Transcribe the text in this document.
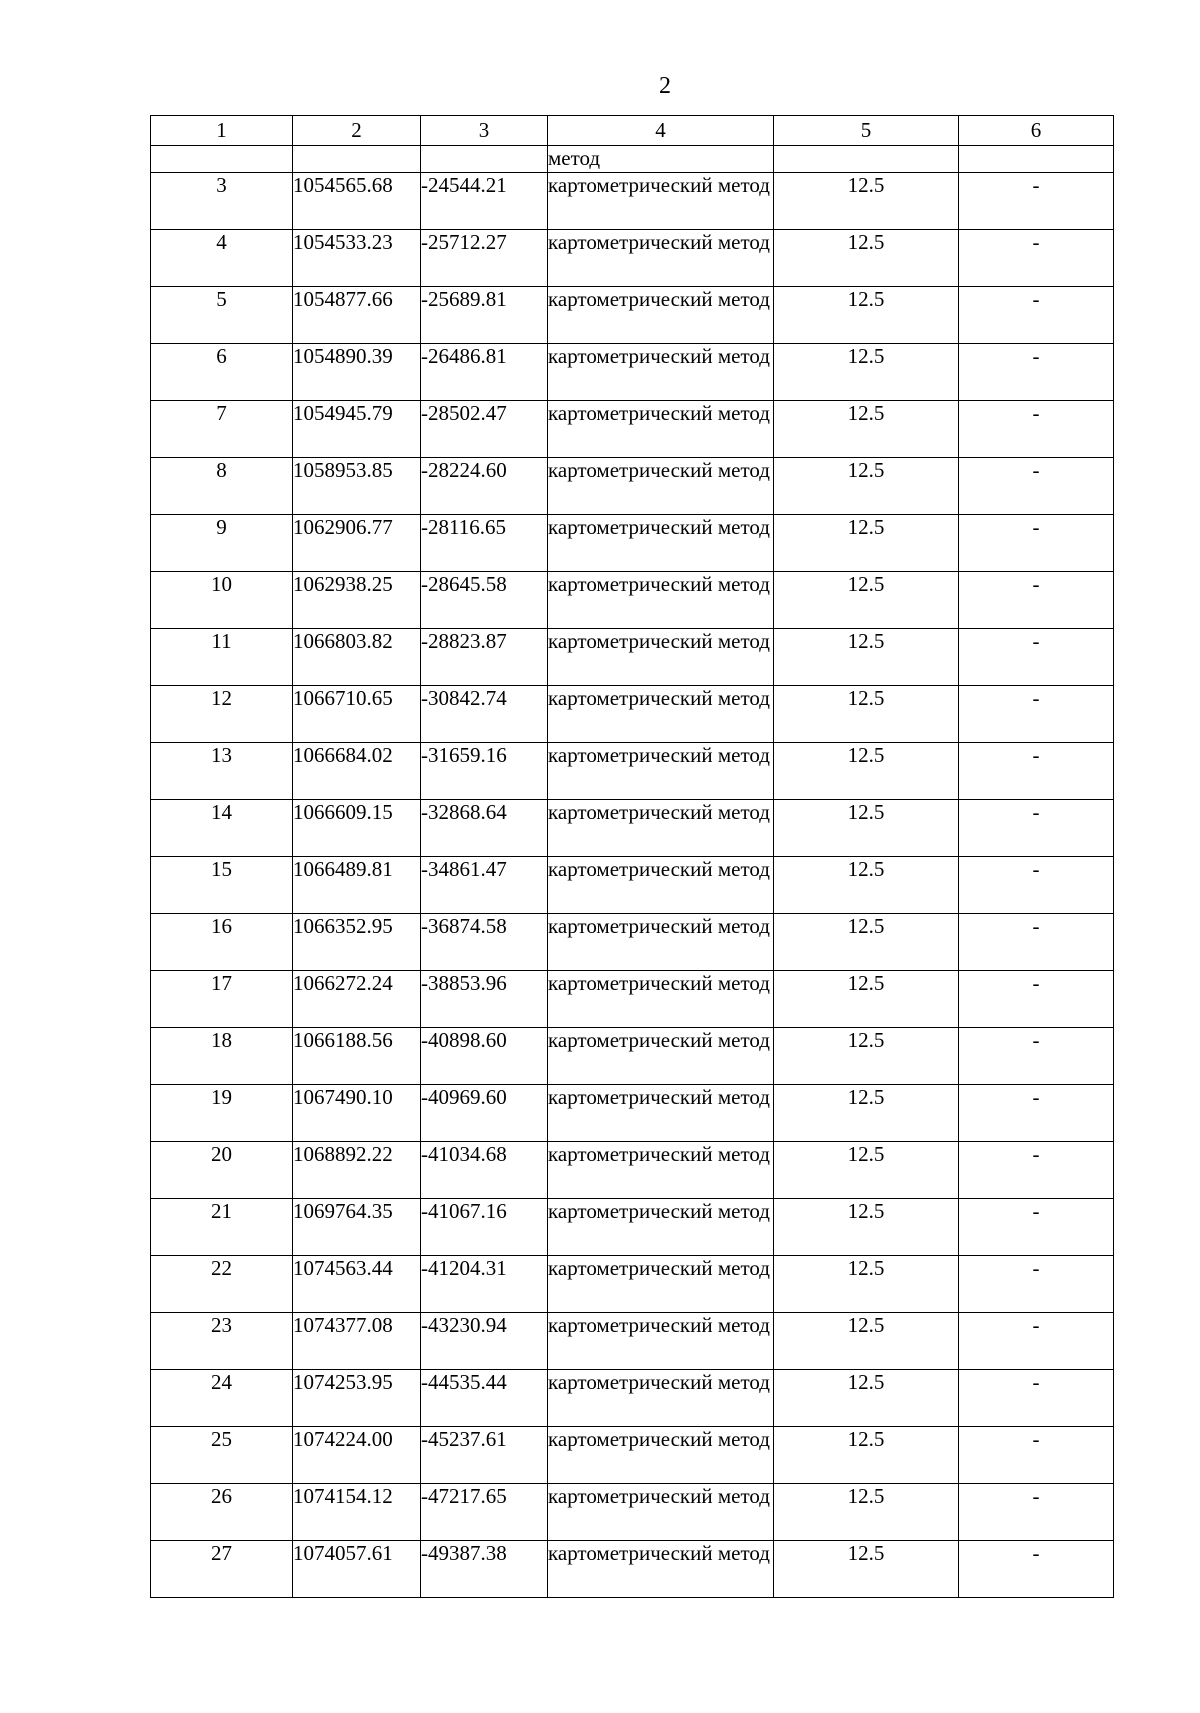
2
1	2	3	4	5	6
			метод		
3	1054565.68	-24544.21	картометрический метод	12.5	-
4	1054533.23	-25712.27	картометрический метод	12.5	-
5	1054877.66	-25689.81	картометрический метод	12.5	-
6	1054890.39	-26486.81	картометрический метод	12.5	-
7	1054945.79	-28502.47	картометрический метод	12.5	-
8	1058953.85	-28224.60	картометрический метод	12.5	-
9	1062906.77	-28116.65	картометрический метод	12.5	-
10	1062938.25	-28645.58	картометрический метод	12.5	-
11	1066803.82	-28823.87	картометрический метод	12.5	-
12	1066710.65	-30842.74	картометрический метод	12.5	-
13	1066684.02	-31659.16	картометрический метод	12.5	-
14	1066609.15	-32868.64	картометрический метод	12.5	-
15	1066489.81	-34861.47	картометрический метод	12.5	-
16	1066352.95	-36874.58	картометрический метод	12.5	-
17	1066272.24	-38853.96	картометрический метод	12.5	-
18	1066188.56	-40898.60	картометрический метод	12.5	-
19	1067490.10	-40969.60	картометрический метод	12.5	-
20	1068892.22	-41034.68	картометрический метод	12.5	-
21	1069764.35	-41067.16	картометрический метод	12.5	-
22	1074563.44	-41204.31	картометрический метод	12.5	-
23	1074377.08	-43230.94	картометрический метод	12.5	-
24	1074253.95	-44535.44	картометрический метод	12.5	-
25	1074224.00	-45237.61	картометрический метод	12.5	-
26	1074154.12	-47217.65	картометрический метод	12.5	-
27	1074057.61	-49387.38	картометрический метод	12.5	-
